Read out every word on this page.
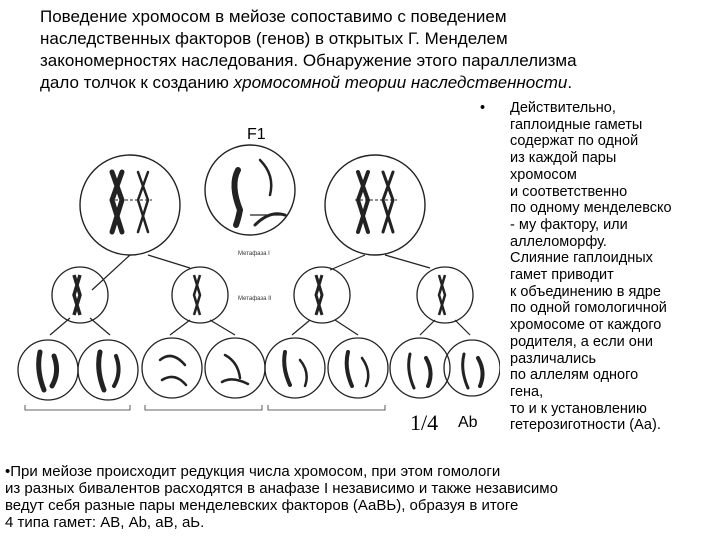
Поведение хромосом в мейозе сопоставимо с поведением
наследственных факторов (генов) в открытых Г. Менделем
закономерностях наследования. Обнаружение этого параллелизма
дало толчок к созданию хромосомной теории наследственности.
Метафаза I
Метафаза II
F1
1/4 Ab
• Действительно,
гаплоидные гаметы
содержат по одной
из каждой пары
хромосом
и соответственно
по одному менделевско
- му фактору, или
аллеломорфу.
Слияние гаплоидных
гамет приводит
к объединению в ядре
по одной гомологичной
хромосоме от каждого
родителя, а если они
различались
по аллелям одного
гена,
то и к установлению
гетерозиготности (Аа).
•При мейозе происходит редукция числа хромосом, при этом гомологи
из разных бивалентов расходятся в анафазе I независимо и также независимо
ведут себя разные пары менделевских факторов (АаВЬ), образуя в итоге
4 типа гамет: АВ, Ab, аВ, аЬ.
